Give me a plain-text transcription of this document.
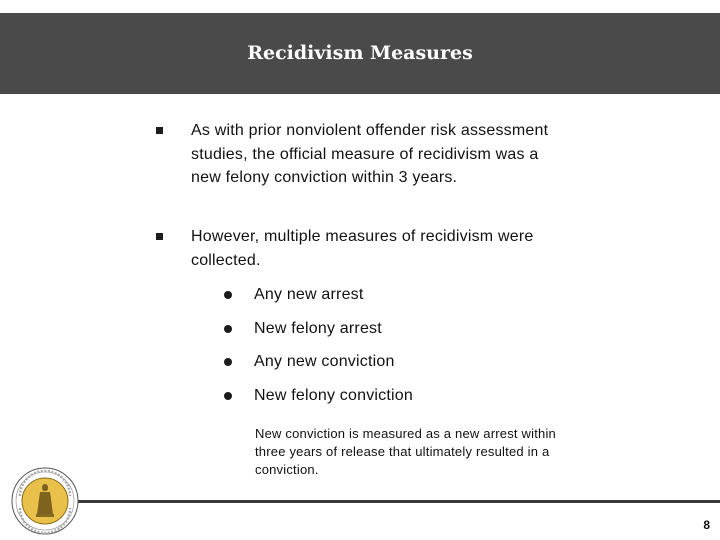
Recidivism Measures
As with prior nonviolent offender risk assessment studies, the official measure of recidivism was a new felony conviction within 3 years.
However, multiple measures of recidivism were collected.
Any new arrest
New felony arrest
Any new conviction
New felony conviction
New conviction is measured as a new arrest within three years of release that ultimately resulted in a conviction.
8
